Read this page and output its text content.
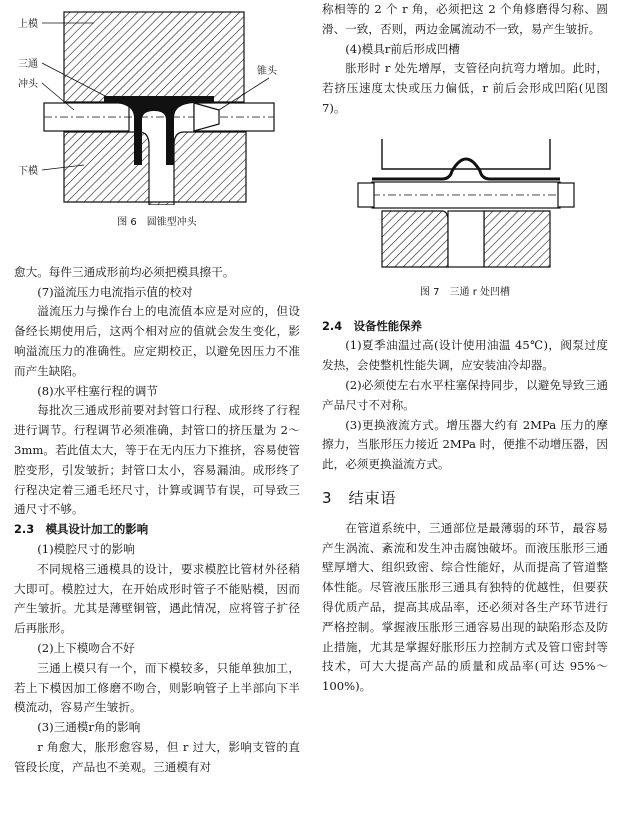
上模
三通
冲头
下模
锥头
图 6　圆锥型冲头

愈大。每件三通成形前均必须把模具擦干。

(7)溢流压力电流指示值的校对

溢流压力与操作台上的电流值本应是对应的，但设备经长期使用后，这两个相对应的值就会发生变化，影响溢流压力的准确性。应定期校正，以避免因压力不准而产生缺陷。

(8)水平柱塞行程的调节

每批次三通成形前要对封管口行程、成形终了行程进行调节。行程调节必须准确，封管口的挤压量为 2～3mm。若此值太大，等于在无内压力下推挤，容易使管腔变形，引发皱折；封管口太小，容易漏油。成形终了行程决定着三通毛坯尺寸，计算或调节有误，可导致三通尺寸不够。

2.3　模具设计加工的影响

(1)模腔尺寸的影响

不同规格三通模具的设计，要求模腔比管材外径稍大即可。模腔过大，在开始成形时管子不能贴模，因而产生皱折。尤其是薄壁铜管，遇此情况，应将管子扩径后再胀形。

(2)上下模吻合不好

三通上模只有一个，而下模较多，只能单独加工，若上下模因加工修磨不吻合，则影响管子上半部向下半模流动，容易产生皱折。

(3)三通模r角的影响

r 角愈大，胀形愈容易，但 r 过大，影响支管的直管段长度，产品也不美观。三通模有对

称相等的 2 个 r 角，必须把这 2 个角修磨得匀称、圆滑、一致，否则，两边金属流动不一致，易产生皱折。

(4)模具r前后形成凹槽

胀形时 r 处先增厚，支管径向抗弯力增加。此时，若挤压速度太快或压力偏低，r 前后会形成凹陷(见图 7)。

图 7　三通 r 处凹槽

2.4　设备性能保养

(1)夏季油温过高(设计使用油温 45℃)，阀泵过度发热，会使整机性能失调，应安装油冷却器。

(2)必须使左右水平柱塞保持同步，以避免导致三通产品尺寸不对称。

(3)更换液流方式。增压器大约有 2MPa 压力的摩擦力，当胀形压力接近 2MPa 时，便推不动增压器，因此，必须更换溢流方式。

3　结束语

在管道系统中，三通部位是最薄弱的环节，最容易产生涡流、紊流和发生冲击腐蚀破坏。而液压胀形三通壁厚增大、组织致密、综合性能好，从而提高了管道整体性能。尽管液压胀形三通具有独特的优越性，但要获得优质产品，提高其成品率，还必须对各生产环节进行严格控制。掌握液压胀形三通容易出现的缺陷形态及防止措施，尤其是掌握好胀形压力控制方式及管口密封等技术，可大大提高产品的质量和成品率(可达 95%～100%)。
